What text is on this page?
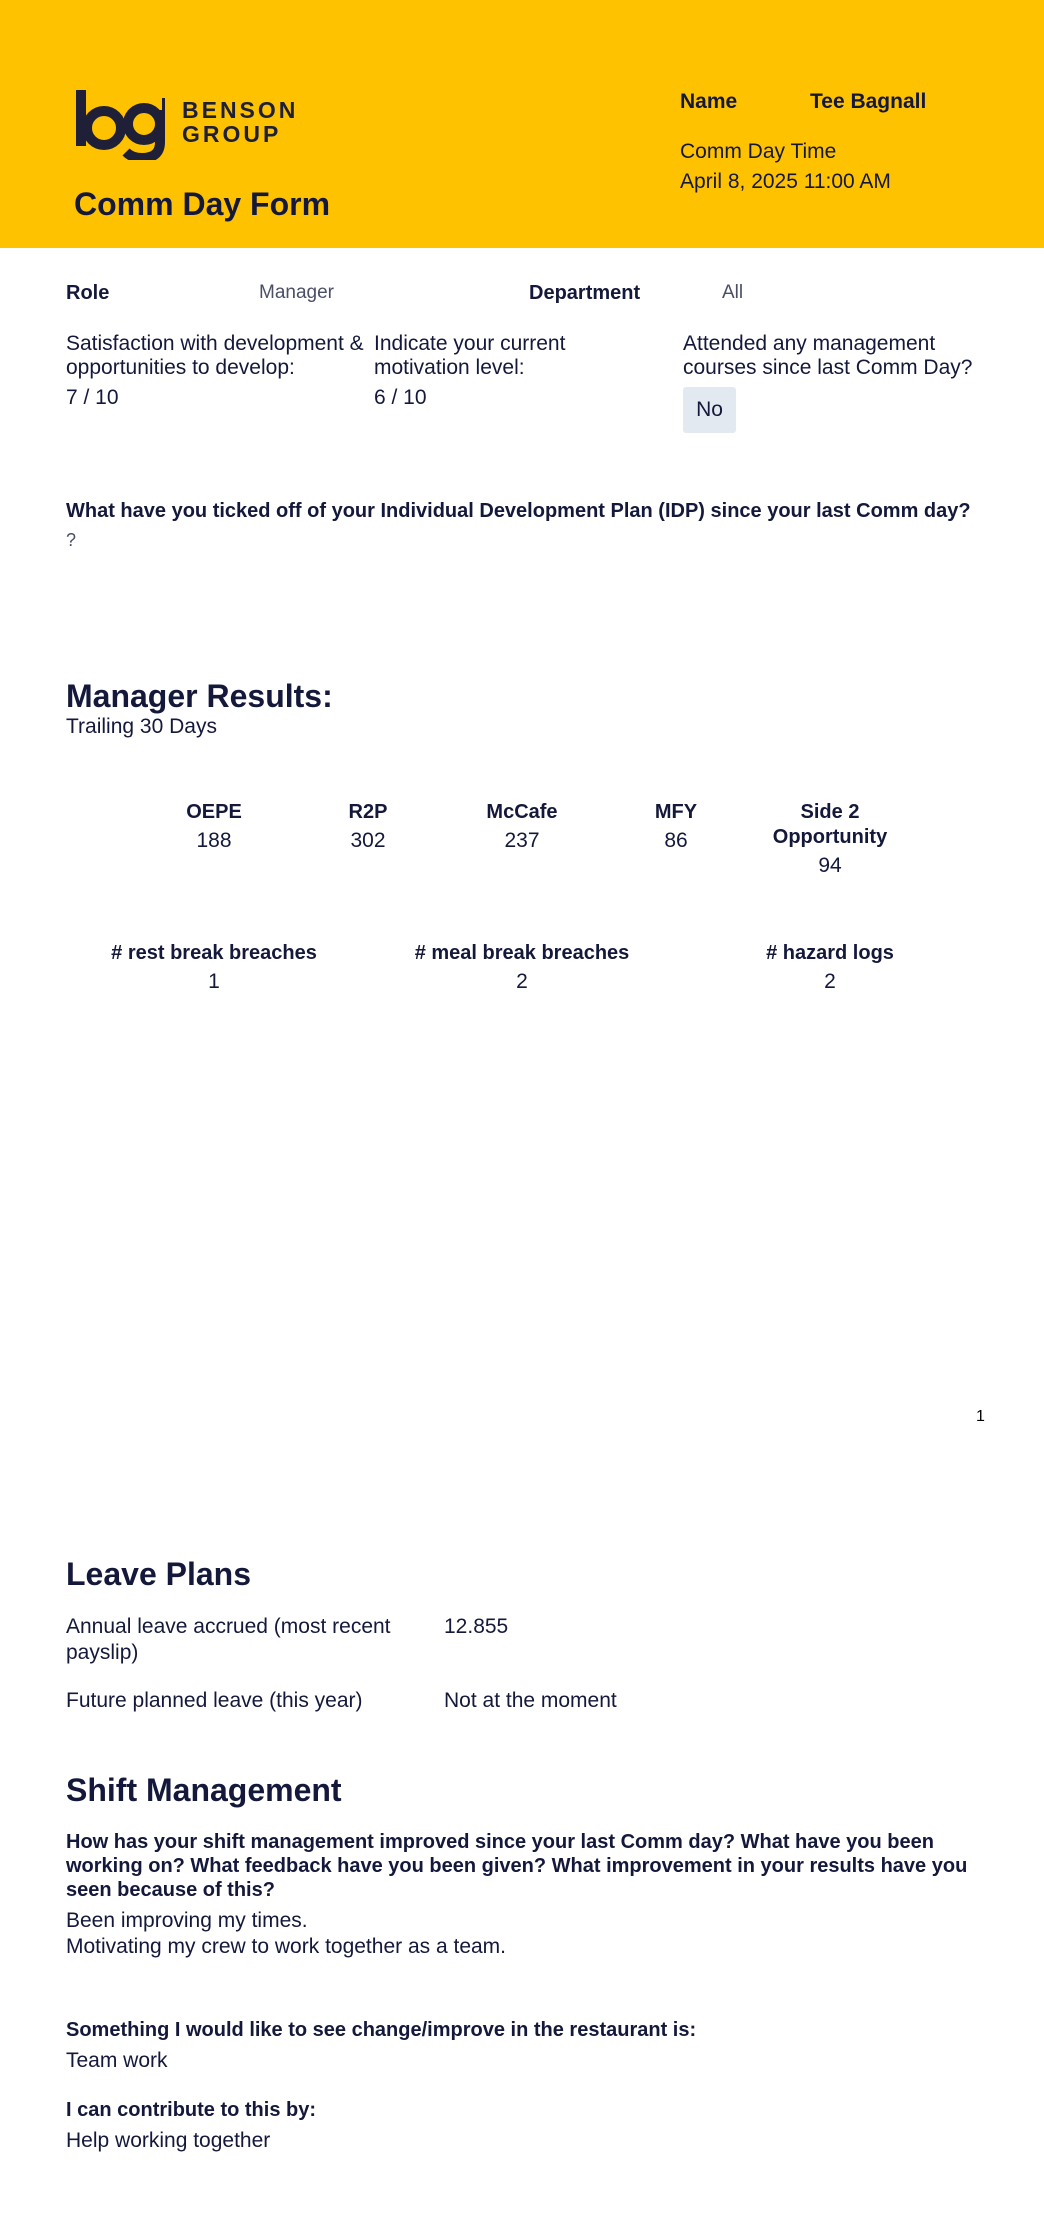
BENSON
GROUP
Comm Day Form
Name	Tee Bagnall
Comm Day Time
April 8, 2025 11:00 AM
Role	Manager	Department	All
Satisfaction with development & opportunities to develop:
7 / 10
Indicate your current motivation level:
6 / 10
Attended any management courses since last Comm Day?
No
What have you ticked off of your Individual Development Plan (IDP) since your last Comm day?
?
Manager Results:
Trailing 30 Days
OEPE
188
R2P
302
McCafe
237
MFY
86
Side 2 Opportunity
94
# rest break breaches
1
# meal break breaches
2
# hazard logs
2
1
Leave Plans
Annual leave accrued (most recent payslip)
12.855
Future planned leave (this year)	Not at the moment
Shift Management
How has your shift management improved since your last Comm day? What have you been working on? What feedback have you been given? What improvement in your results have you seen because of this?
Been improving my times.
Motivating my crew to work together as a team.
Something I would like to see change/improve in the restaurant is:
Team work
I can contribute to this by:
Help working together
